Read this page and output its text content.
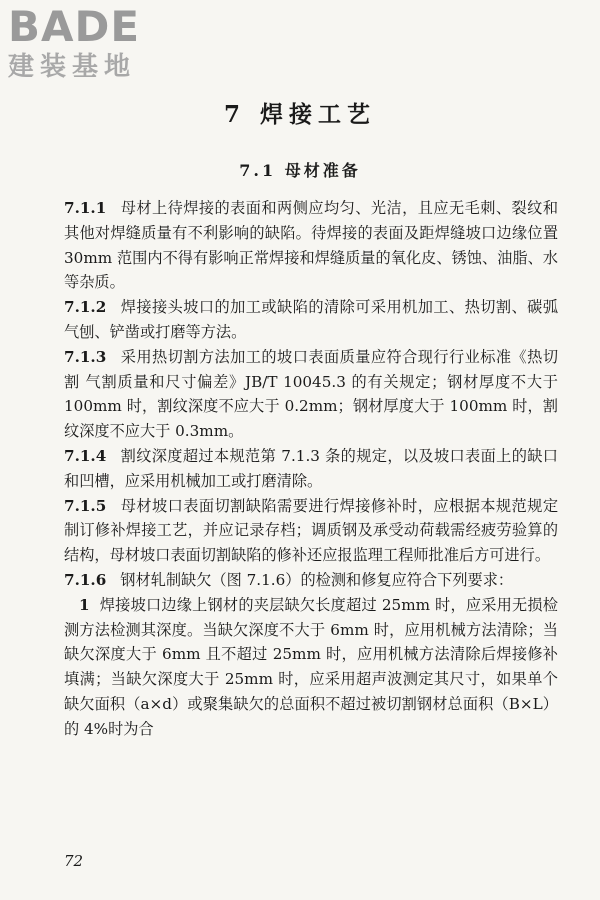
BADE
建装基地
7 焊接工艺
7.1 母材准备

7.1.1 母材上待焊接的表面和两侧应均匀、光洁，且应无毛刺、裂纹和其他对焊缝质量有不利影响的缺陷。待焊接的表面及距焊缝坡口边缘位置 30mm 范围内不得有影响正常焊接和焊缝质量的氧化皮、锈蚀、油脂、水等杂质。

7.1.2 焊接接头坡口的加工或缺陷的清除可采用机加工、热切割、碳弧气刨、铲凿或打磨等方法。

7.1.3 采用热切割方法加工的坡口表面质量应符合现行行业标准《热切割 气割质量和尺寸偏差》JB/T 10045.3 的有关规定；钢材厚度不大于 100mm 时，割纹深度不应大于 0.2mm；钢材厚度大于 100mm 时，割纹深度不应大于 0.3mm。

7.1.4 割纹深度超过本规范第 7.1.3 条的规定，以及坡口表面上的缺口和凹槽，应采用机械加工或打磨清除。

7.1.5 母材坡口表面切割缺陷需要进行焊接修补时，应根据本规范规定制订修补焊接工艺，并应记录存档；调质钢及承受动荷载需经疲劳验算的结构，母材坡口表面切割缺陷的修补还应报监理工程师批准后方可进行。

7.1.6 钢材轧制缺欠（图 7.1.6）的检测和修复应符合下列要求：

1 焊接坡口边缘上钢材的夹层缺欠长度超过 25mm 时，应采用无损检测方法检测其深度。当缺欠深度不大于 6mm 时，应用机械方法清除；当缺欠深度大于 6mm 且不超过 25mm 时，应用机械方法清除后焊接修补填满；当缺欠深度大于 25mm 时，应采用超声波测定其尺寸，如果单个缺欠面积（a×d）或聚集缺欠的总面积不超过被切割钢材总面积（B×L）的 4%时为合

72
